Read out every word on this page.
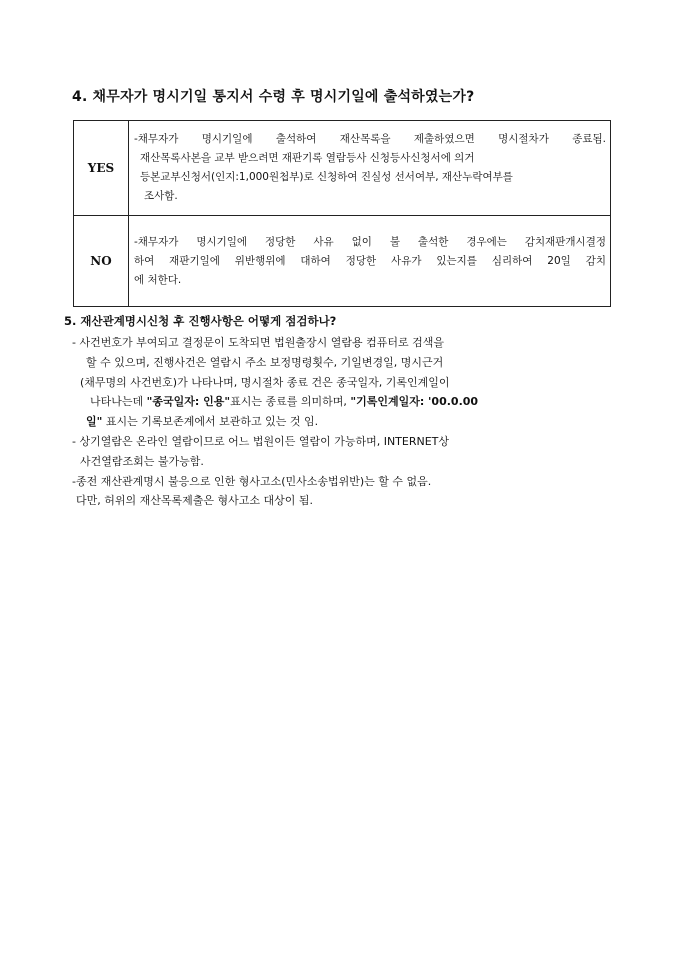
4. 채무자가 명시기일 통지서 수령 후 명시기일에 출석하였는가?
YES	-채무자가 명시기일에 출석하여 재산목록을 제출하였으면 명시절차가 종료됨.
재산목록사본을 교부 받으려면 재판기록 열람등사 신청등사신청서에 의거
등본교부신청서(인지:1,000원첩부)로 신청하여 진실성 선서여부, 재산누락여부를
조사함.

NO	-채무자가 명시기일에 정당한 사유 없이 불 출석한 경우에는 감치재판개시결정
하여 재판기일에 위반행위에 대하여 정당한 사유가 있는지를 심리하여 20일 감치
에 처한다.
5. 재산관계명시신청 후 진행사항은 어떻게 점검하나?
- 사건번호가 부여되고 결정문이 도착되면 법원출장시 열람용 컴퓨터로 검색을
할 수 있으며, 진행사건은 열람시 주소 보정명령횟수, 기일변경일, 명시근거
(채무명의 사건번호)가 나타나며, 명시절차 종료 건은 종국일자, 기록인계일이
나타나는데 "종국일자: 인용"표시는 종료를 의미하며, "기록인계일자: '00.0.00
일" 표시는 기록보존계에서 보관하고 있는 것 임.
- 상기열람은 온라인 열람이므로 어느 법원이든 열람이 가능하며, INTERNET상
사건열람조회는 불가능함.
-종전 재산관계명시 불응으로 인한 형사고소(민사소송법위반)는 할 수 없음.
다만, 허위의 재산목록제출은 형사고소 대상이 됨.
